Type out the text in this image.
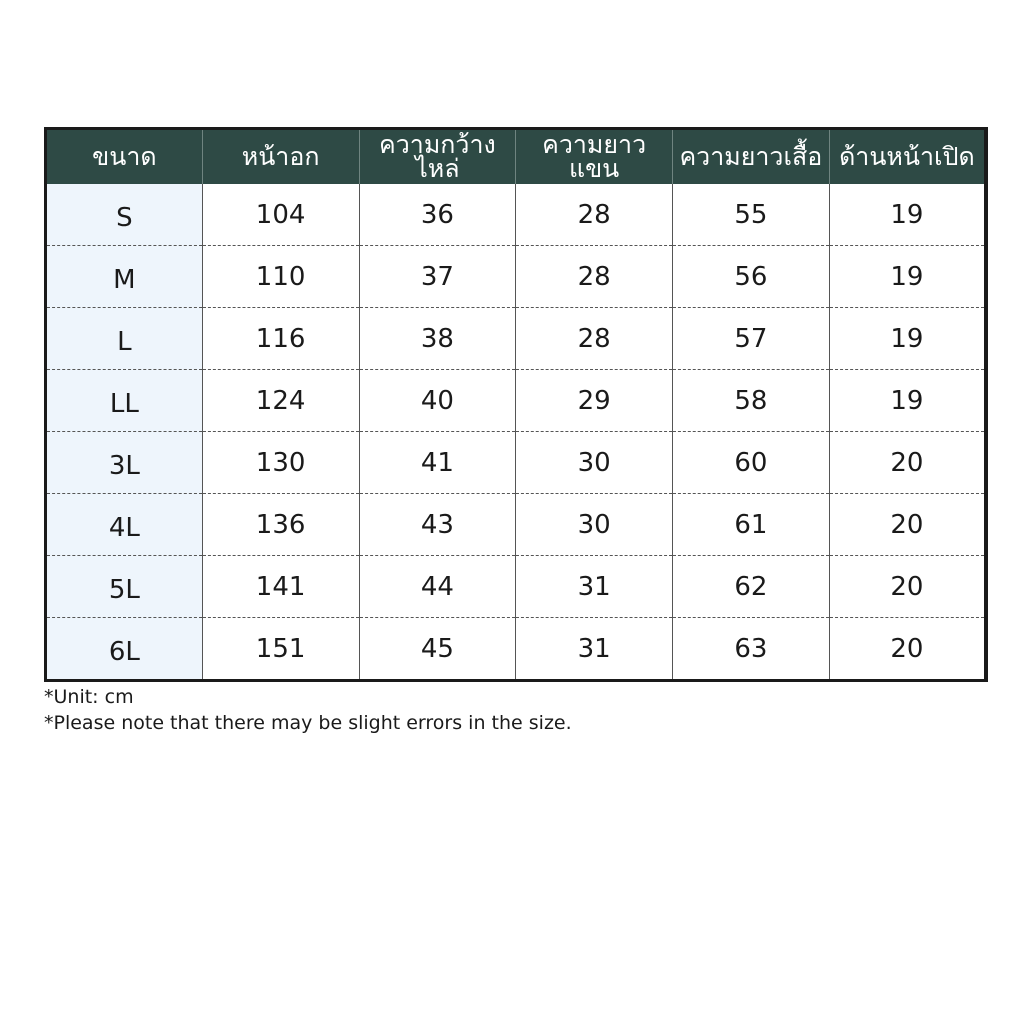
ขนาด	หน้าอก	ความกว้างไหล่	ความยาวแขน	ความยาวเสื้อ	ด้านหน้าเปิด
S	104	36	28	55	19
M	110	37	28	56	19
L	116	38	28	57	19
LL	124	40	29	58	19
3L	130	41	30	60	20
4L	136	43	30	61	20
5L	141	44	31	62	20
6L	151	45	31	63	20

*Unit: cm

*Please note that there may be slight errors in the size.
